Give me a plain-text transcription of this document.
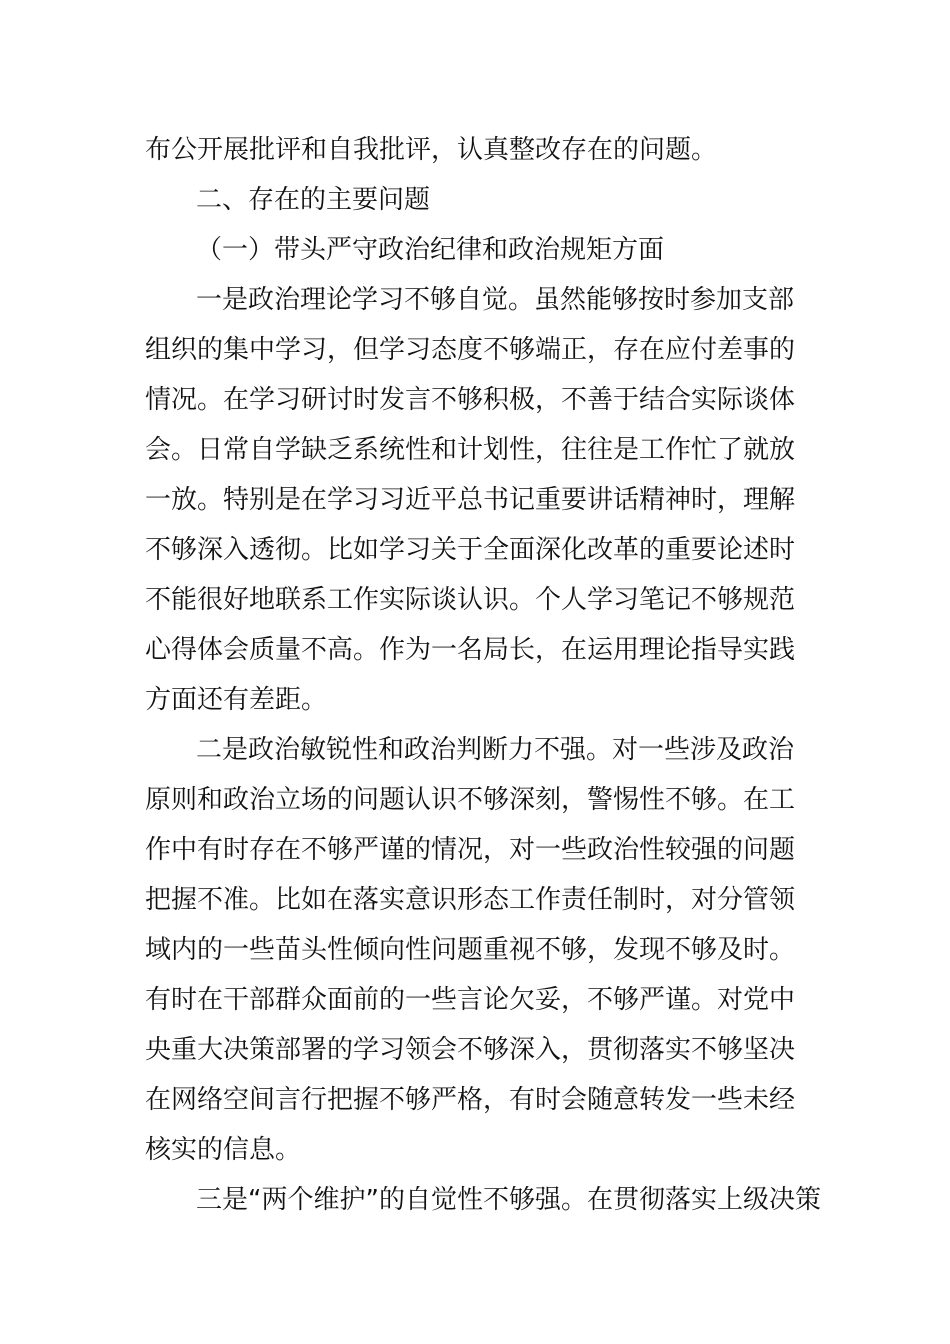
布公开展批评和自我批评，认真整改存在的问题。
二、存在的主要问题
（一）带头严守政治纪律和政治规矩方面
一是政治理论学习不够自觉。虽然能够按时参加支部
组织的集中学习，但学习态度不够端正，存在应付差事的
情况。在学习研讨时发言不够积极，不善于结合实际谈体
会。日常自学缺乏系统性和计划性，往往是工作忙了就放
一放。特别是在学习习近平总书记重要讲话精神时，理解
不够深入透彻。比如学习关于全面深化改革的重要论述时
不能很好地联系工作实际谈认识。个人学习笔记不够规范
心得体会质量不高。作为一名局长，在运用理论指导实践
方面还有差距。
二是政治敏锐性和政治判断力不强。对一些涉及政治
原则和政治立场的问题认识不够深刻，警惕性不够。在工
作中有时存在不够严谨的情况，对一些政治性较强的问题
把握不准。比如在落实意识形态工作责任制时，对分管领
域内的一些苗头性倾向性问题重视不够，发现不够及时。
有时在干部群众面前的一些言论欠妥，不够严谨。对党中
央重大决策部署的学习领会不够深入，贯彻落实不够坚决
在网络空间言行把握不够严格，有时会随意转发一些未经
核实的信息。
三是“两个维护”的自觉性不够强。在贯彻落实上级决策
